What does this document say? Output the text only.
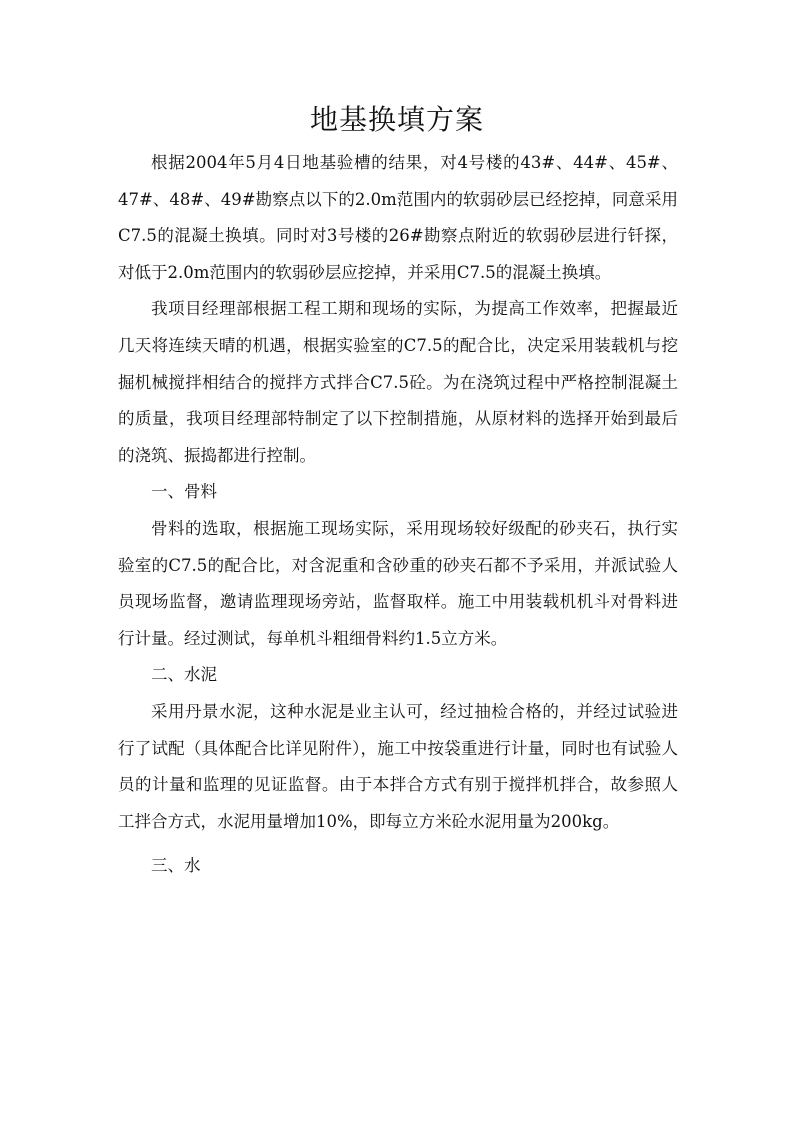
地基换填方案

根据2004年5月4日地基验槽的结果，对4号楼的43#、44#、45#、47#、48#、49#勘察点以下的2.0m范围内的软弱砂层已经挖掉，同意采用C7.5的混凝土换填。同时对3号楼的26#勘察点附近的软弱砂层进行钎探，对低于2.0m范围内的软弱砂层应挖掉，并采用C7.5的混凝土换填。

我项目经理部根据工程工期和现场的实际，为提高工作效率，把握最近几天将连续天晴的机遇，根据实验室的C7.5的配合比，决定采用装载机与挖掘机械搅拌相结合的搅拌方式拌合C7.5砼。为在浇筑过程中严格控制混凝土的质量，我项目经理部特制定了以下控制措施，从原材料的选择开始到最后的浇筑、振捣都进行控制。

一、骨料

骨料的选取，根据施工现场实际，采用现场较好级配的砂夹石，执行实验室的C7.5的配合比，对含泥重和含砂重的砂夹石都不予采用，并派试验人员现场监督，邀请监理现场旁站，监督取样。施工中用装载机机斗对骨料进行计量。经过测试，每单机斗粗细骨料约1.5立方米。

二、水泥

采用丹景水泥，这种水泥是业主认可，经过抽检合格的，并经过试验进行了试配（具体配合比详见附件），施工中按袋重进行计量，同时也有试验人员的计量和监理的见证监督。由于本拌合方式有别于搅拌机拌合，故参照人工拌合方式，水泥用量增加10%，即每立方米砼水泥用量为200kg。

三、水
